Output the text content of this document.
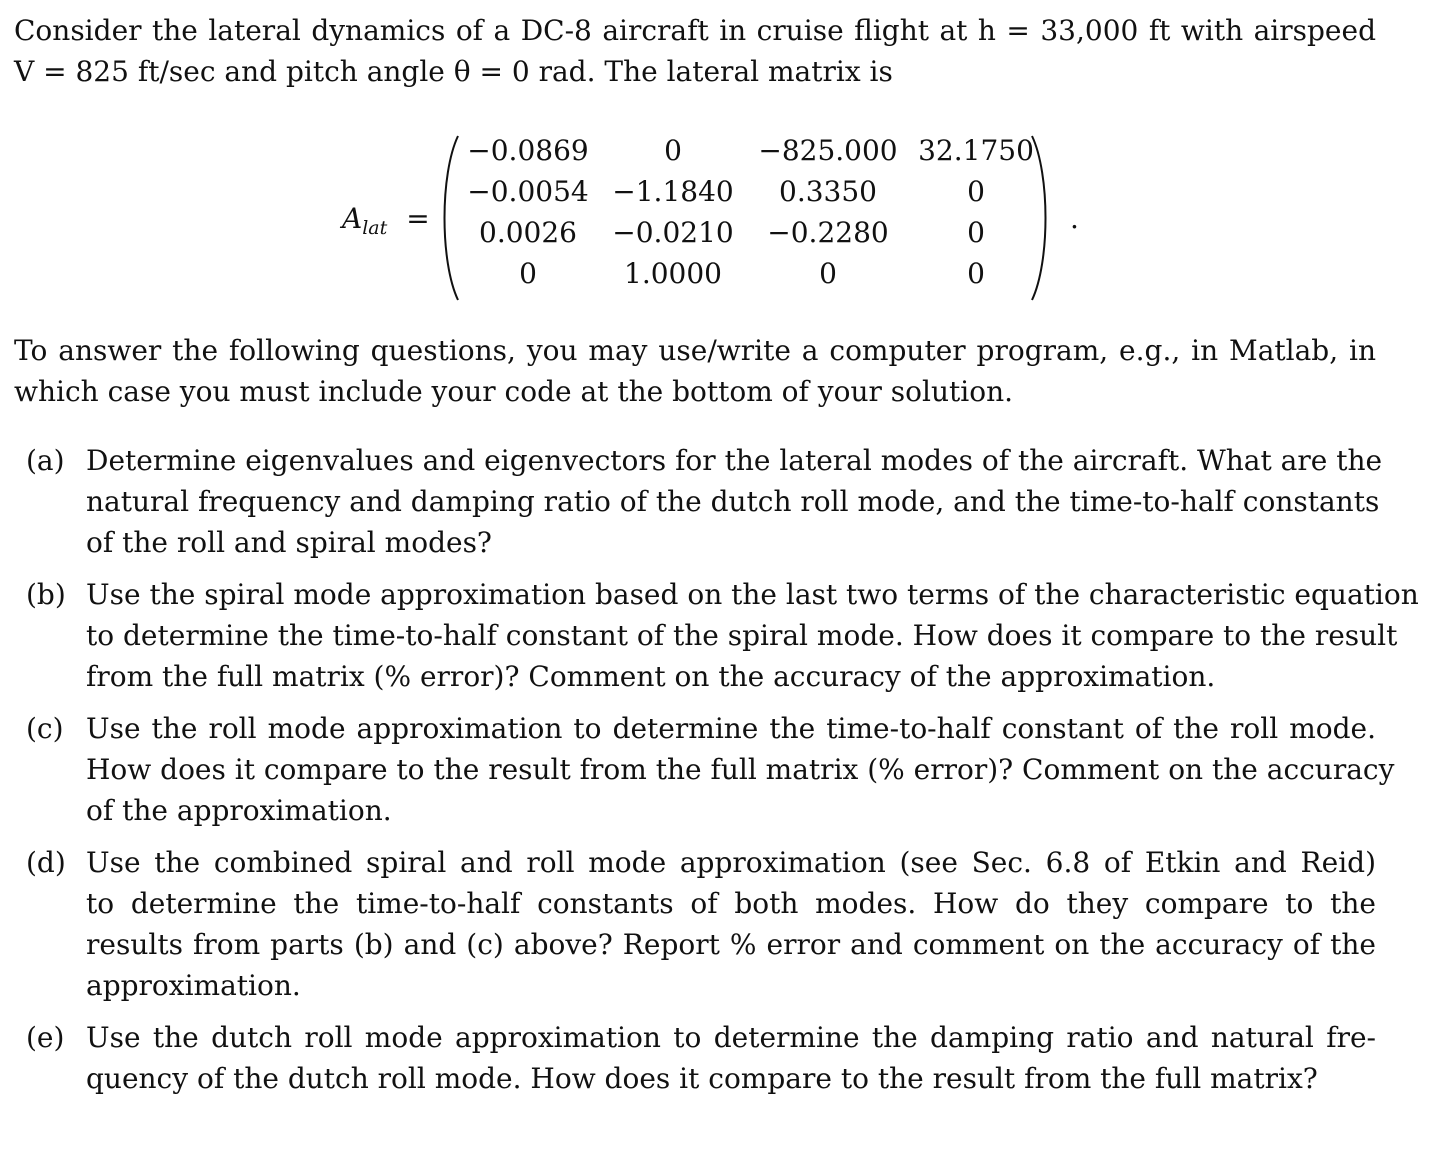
Consider the lateral dynamics of a DC-8 aircraft in cruise flight at h = 33,000 ft with airspeed
V = 825 ft/sec and pitch angle θ = 0 rad. The lateral matrix is
$A_{lat}$ =
−0.0869	0	−825.000	32.1750
−0.0054	−1.1840	0.3350	0
0.0026	−0.0210	−0.2280	0
0	1.0000	0	0
.
To answer the following questions, you may use/write a computer program, e.g., in Matlab, in
which case you must include your code at the bottom of your solution.
(a) Determine eigenvalues and eigenvectors for the lateral modes of the aircraft. What are the
natural frequency and damping ratio of the dutch roll mode, and the time-to-half constants
of the roll and spiral modes?
(b) Use the spiral mode approximation based on the last two terms of the characteristic equation
to determine the time-to-half constant of the spiral mode. How does it compare to the result
from the full matrix (% error)? Comment on the accuracy of the approximation.
(c) Use the roll mode approximation to determine the time-to-half constant of the roll mode.
How does it compare to the result from the full matrix (% error)? Comment on the accuracy
of the approximation.
(d) Use the combined spiral and roll mode approximation (see Sec. 6.8 of Etkin and Reid)
to determine the time-to-half constants of both modes. How do they compare to the
results from parts (b) and (c) above? Report % error and comment on the accuracy of the
approximation.
(e) Use the dutch roll mode approximation to determine the damping ratio and natural fre-
quency of the dutch roll mode. How does it compare to the result from the full matrix?
